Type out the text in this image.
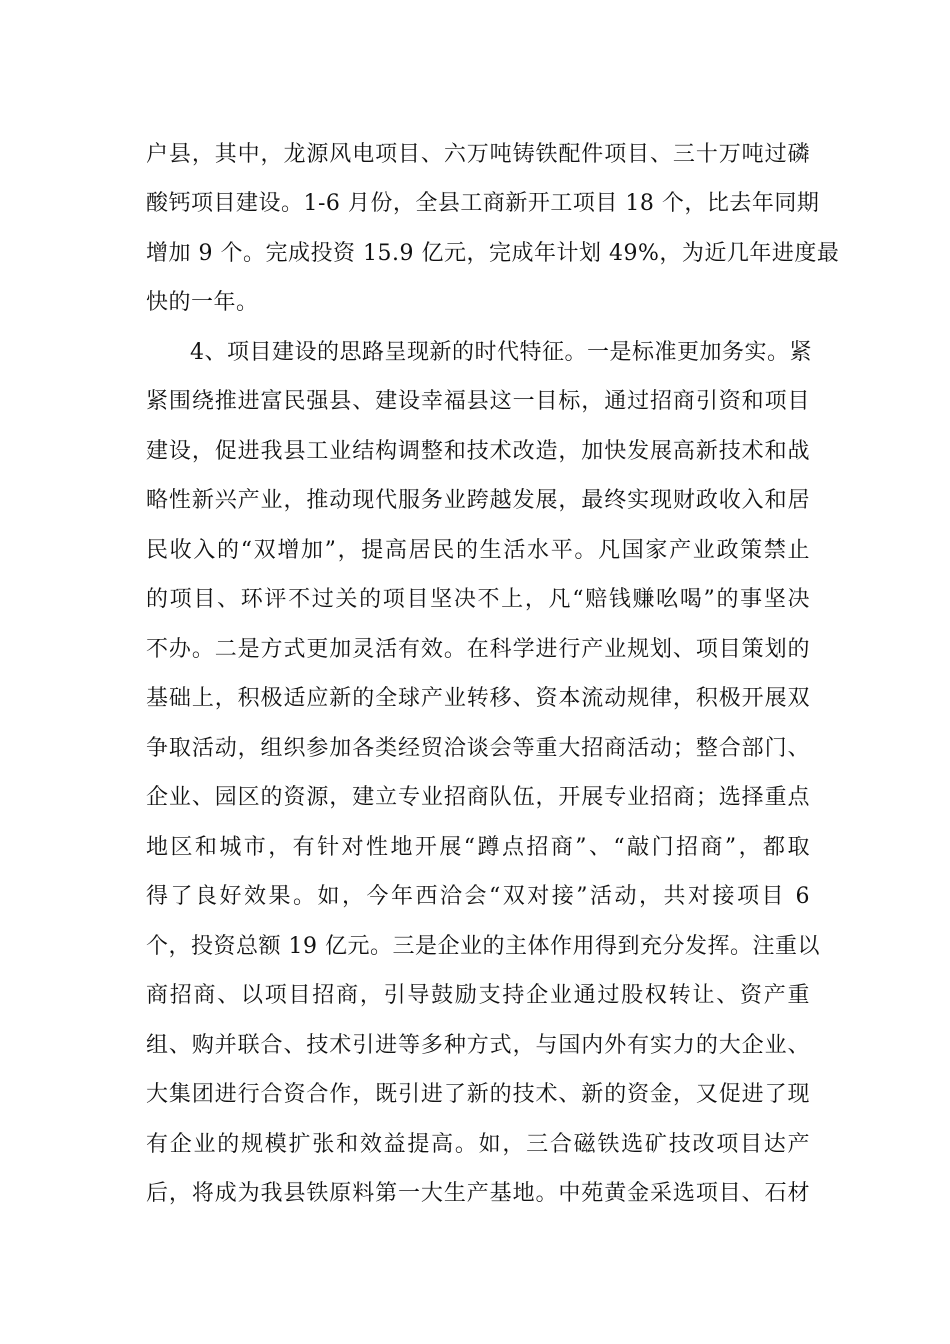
户县，其中，龙源风电项目、六万吨铸铁配件项目、三十万吨过磷
酸钙项目建设。1-6 月份，全县工商新开工项目 18 个，比去年同期
增加 9 个。完成投资 15.9 亿元，完成年计划 49%，为近几年进度最
快的一年。
4、项目建设的思路呈现新的时代特征。一是标准更加务实。紧
紧围绕推进富民强县、建设幸福县这一目标，通过招商引资和项目
建设，促进我县工业结构调整和技术改造，加快发展高新技术和战
略性新兴产业，推动现代服务业跨越发展，最终实现财政收入和居
民收入的“双增加”，提高居民的生活水平。凡国家产业政策禁止
的项目、环评不过关的项目坚决不上，凡“赔钱赚吆喝”的事坚决
不办。二是方式更加灵活有效。在科学进行产业规划、项目策划的
基础上，积极适应新的全球产业转移、资本流动规律，积极开展双
争取活动，组织参加各类经贸洽谈会等重大招商活动；整合部门、
企业、园区的资源，建立专业招商队伍，开展专业招商；选择重点
地区和城市，有针对性地开展“蹲点招商”、“敲门招商”，都取
得了良好效果。如，今年西洽会“双对接”活动，共对接项目 6
个，投资总额 19 亿元。三是企业的主体作用得到充分发挥。注重以
商招商、以项目招商，引导鼓励支持企业通过股权转让、资产重
组、购并联合、技术引进等多种方式，与国内外有实力的大企业、
大集团进行合资合作，既引进了新的技术、新的资金，又促进了现
有企业的规模扩张和效益提高。如，三合磁铁选矿技改项目达产
后，将成为我县铁原料第一大生产基地。中苑黄金采选项目、石材
